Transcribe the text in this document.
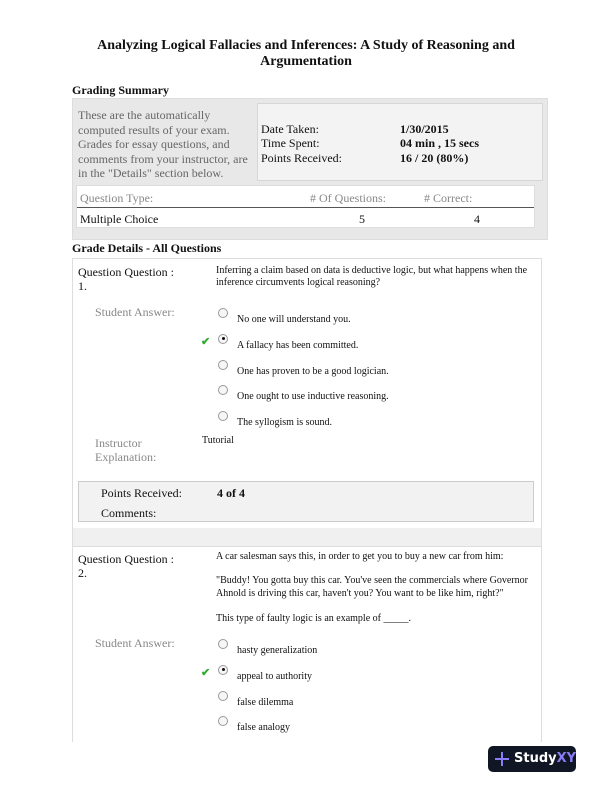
Analyzing Logical Fallacies and Inferences: A Study of Reasoning and
Argumentation
Grading Summary
These are the automatically
computed results of your exam.
Grades for essay questions, and
comments from your instructor, are
in the "Details" section below.
Date Taken:	1/30/2015
Time Spent:	04 min , 15 secs
Points Received:	16 / 20 (80%)
Question Type:	# Of Questions:	# Correct:
Multiple Choice	5	4
Grade Details - All Questions
Question Question :
1.
Inferring a claim based on data is deductive logic, but what happens when the
inference circumvents logical reasoning?
Student Answer:
No one will understand you.
A fallacy has been committed.
✔
One has proven to be a good logician.
One ought to use inductive reasoning.
The syllogism is sound.
Instructor
Explanation:
Tutorial
Points Received:	4 of 4
Comments:
Question Question :
2.
A car salesman says this, in order to get you to buy a new car from him:
"Buddy! You gotta buy this car. You've seen the commercials where Governor
Ahnold is driving this car, haven't you? You want to be like him, right?"
This type of faulty logic is an example of _____.
Student Answer:
hasty generalization
appeal to authority
✔
false dilemma
false analogy
StudyXY
